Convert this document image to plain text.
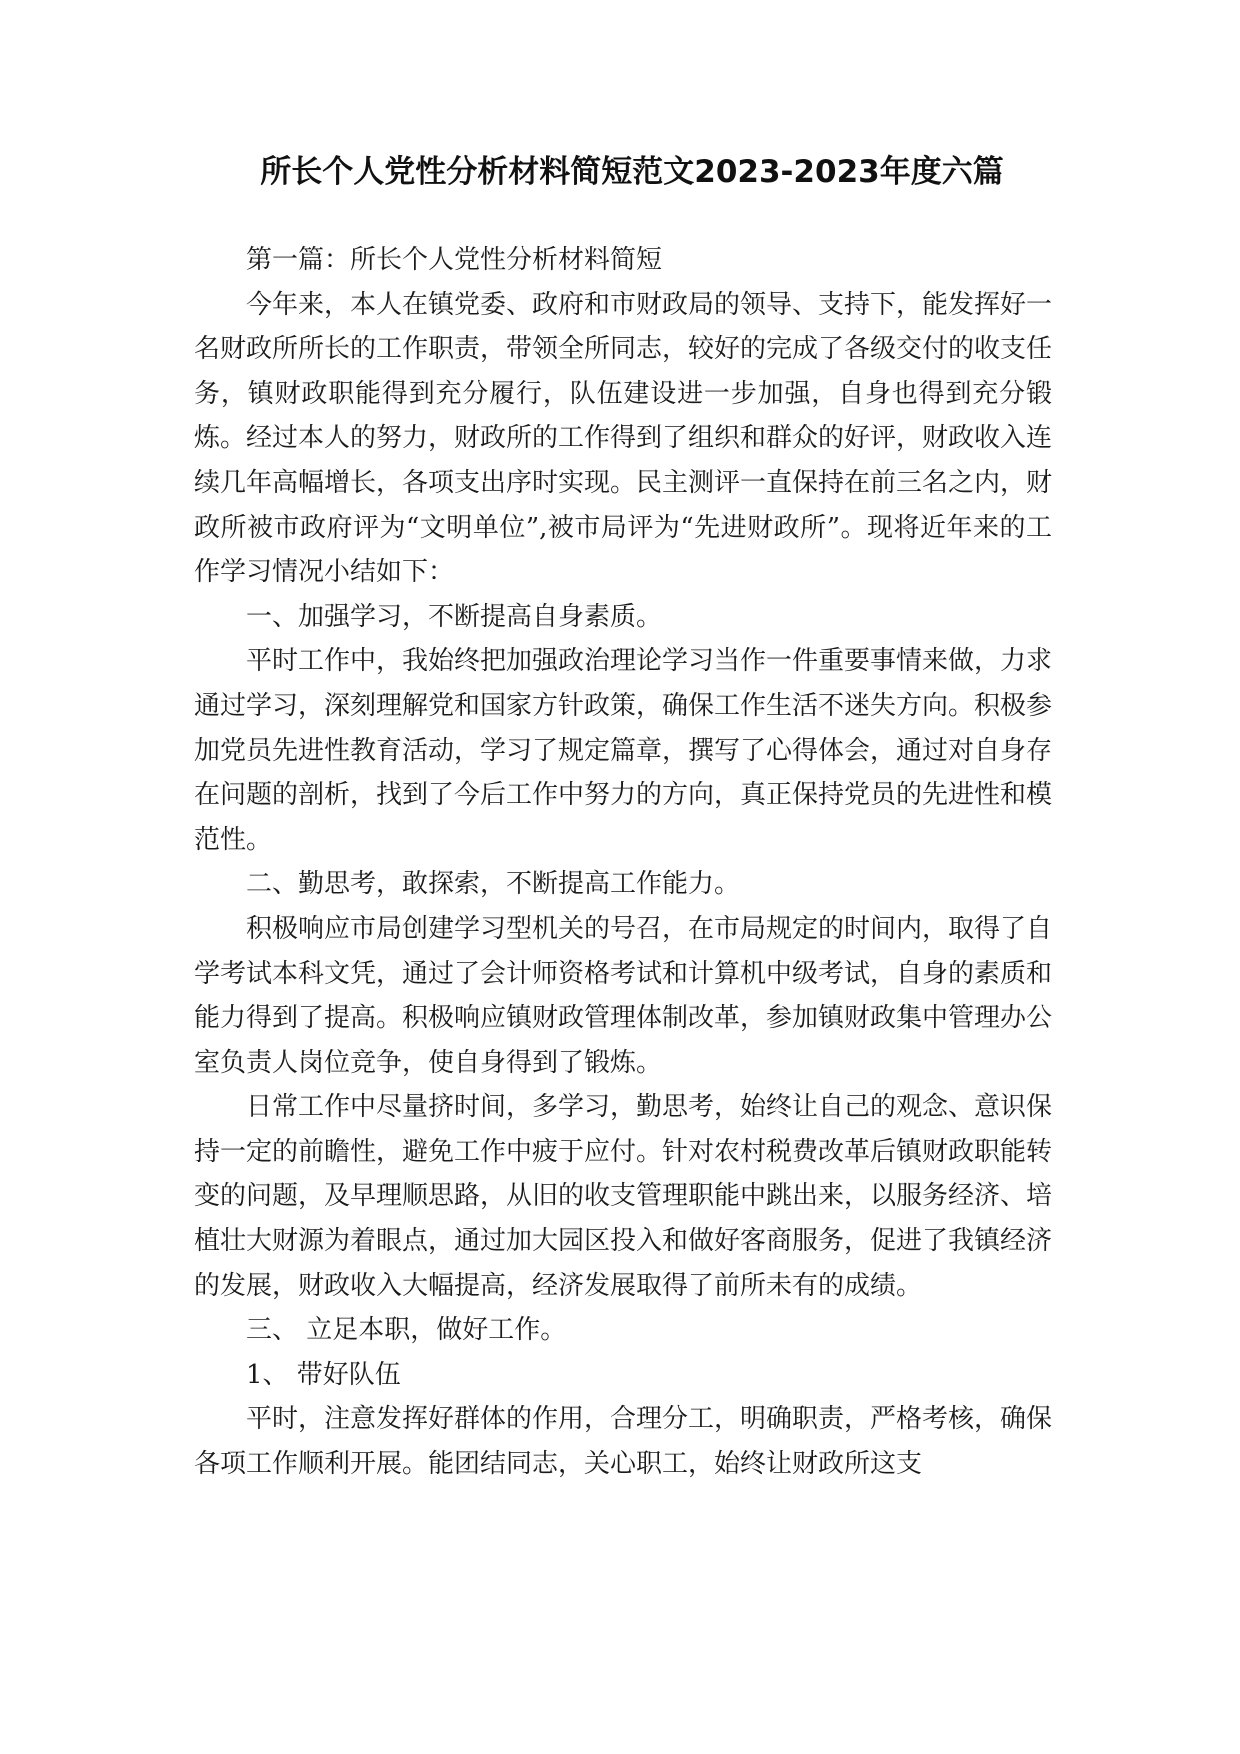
所长个人党性分析材料简短范文2023-2023年度六篇

第一篇：所长个人党性分析材料简短

今年来，本人在镇党委、政府和市财政局的领导、支持下，能发挥好一名财政所所长的工作职责，带领全所同志，较好的完成了各级交付的收支任务，镇财政职能得到充分履行，队伍建设进一步加强，自身也得到充分锻炼。经过本人的努力，财政所的工作得到了组织和群众的好评，财政收入连续几年高幅增长，各项支出序时实现。民主测评一直保持在前三名之内，财政所被市政府评为“文明单位”,被市局评为“先进财政所”。现将近年来的工作学习情况小结如下：

一、加强学习，不断提高自身素质。

平时工作中，我始终把加强政治理论学习当作一件重要事情来做，力求通过学习，深刻理解党和国家方针政策，确保工作生活不迷失方向。积极参加党员先进性教育活动，学习了规定篇章，撰写了心得体会，通过对自身存在问题的剖析，找到了今后工作中努力的方向，真正保持党员的先进性和模范性。

二、勤思考，敢探索，不断提高工作能力。

积极响应市局创建学习型机关的号召，在市局规定的时间内，取得了自学考试本科文凭，通过了会计师资格考试和计算机中级考试，自身的素质和能力得到了提高。积极响应镇财政管理体制改革，参加镇财政集中管理办公室负责人岗位竞争，使自身得到了锻炼。

日常工作中尽量挤时间，多学习，勤思考，始终让自己的观念、意识保持一定的前瞻性，避免工作中疲于应付。针对农村税费改革后镇财政职能转变的问题，及早理顺思路，从旧的收支管理职能中跳出来，以服务经济、培植壮大财源为着眼点，通过加大园区投入和做好客商服务，促进了我镇经济的发展，财政收入大幅提高，经济发展取得了前所未有的成绩。

三、 立足本职，做好工作。

1、 带好队伍

平时，注意发挥好群体的作用，合理分工，明确职责，严格考核，确保各项工作顺利开展。能团结同志，关心职工，始终让财政所这支
